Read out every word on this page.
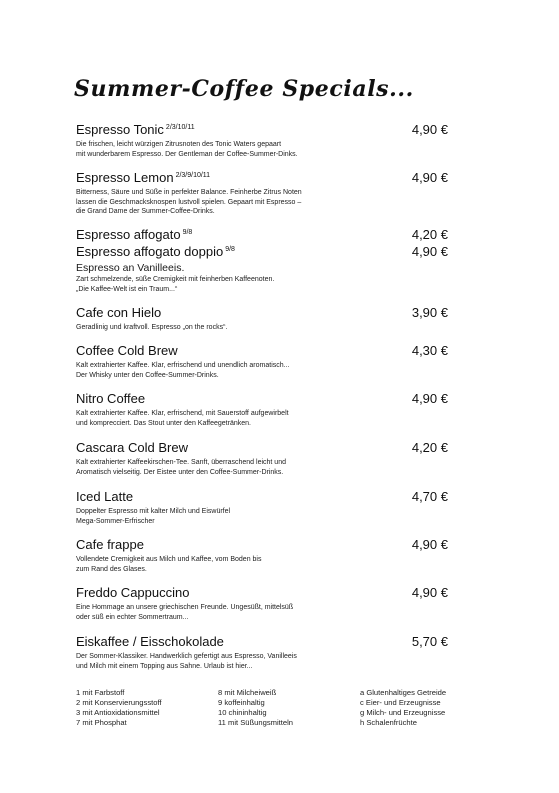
Summer-Coffee Specials...
Espresso Tonic $^{2/3/10/11}$	4,90 €
Die frischen, leicht würzigen Zitrusnoten des Tonic Waters gepaart
mit wunderbarem Espresso. Der Gentleman der Coffee-Summer-Dinks.
Espresso Lemon $^{2/3/9/10/11}$	4,90 €
Bitterness, Säure und Süße in perfekter Balance. Feinherbe Zitrus Noten
lassen die Geschmacksknospen lustvoll spielen. Gepaart mit Espresso –
die Grand Dame der Summer-Coffee-Drinks.
Espresso affogato $^{9/8}$	4,20 €
Espresso affogato doppio $^{9/8}$	4,90 €
Espresso an Vanilleeis.
Zart schmelzende, süße Cremigkeit mit feinherben Kaffeenoten.
„Die Kaffee-Welt ist ein Traum...“
Cafe con Hielo	3,90 €
Geradlinig und kraftvoll. Espresso „on the rocks“.
Coffee Cold Brew	4,30 €
Kalt extrahierter Kaffee. Klar, erfrischend und unendlich aromatisch...
Der Whisky unter den Coffee-Summer-Drinks.
Nitro Coffee	4,90 €
Kalt extrahierter Kaffee. Klar, erfrischend, mit Sauerstoff aufgewirbelt
und komprессiert. Das Stout unter den Kaffeegetränken.
Cascara Cold Brew	4,20 €
Kalt extrahierter Kaffeekirschen-Tee. Sanft, überraschend leicht und
Aromatisch vielseitig. Der Eistee unter den Coffee-Summer-Drinks.
Iced Latte	4,70 €
Doppelter Espresso mit kalter Milch und Eiswürfel
Mega-Sommer-Erfrischer
Cafe frappe	4,90 €
Vollendete Cremigkeit aus Milch und Kaffee, vom Boden bis
zum Rand des Glases.
Freddo Cappuccino	4,90 €
Eine Hommage an unsere griechischen Freunde. Ungesüßt, mittelsüß
oder süß ein echter Sommertraum...
Eiskaffee / Eisschokolade	5,70 €
Der Sommer-Klassiker. Handwerklich gefertigt aus Espresso, Vanilleeis
und Milch mit einem Topping aus Sahne. Urlaub ist hier...
1 mit Farbstoff
2 mit Konservierungsstoff
3 mit Antioxidationsmittel
7 mit Phosphat
8 mit Milcheiweiß
9 koffeinhaltig
10 chininhaltig
11 mit Süßungsmitteln
a Glutenhaltiges Getreide
c Eier- und Erzeugnisse
g Milch- und Erzeugnisse
h Schalenfrüchte
